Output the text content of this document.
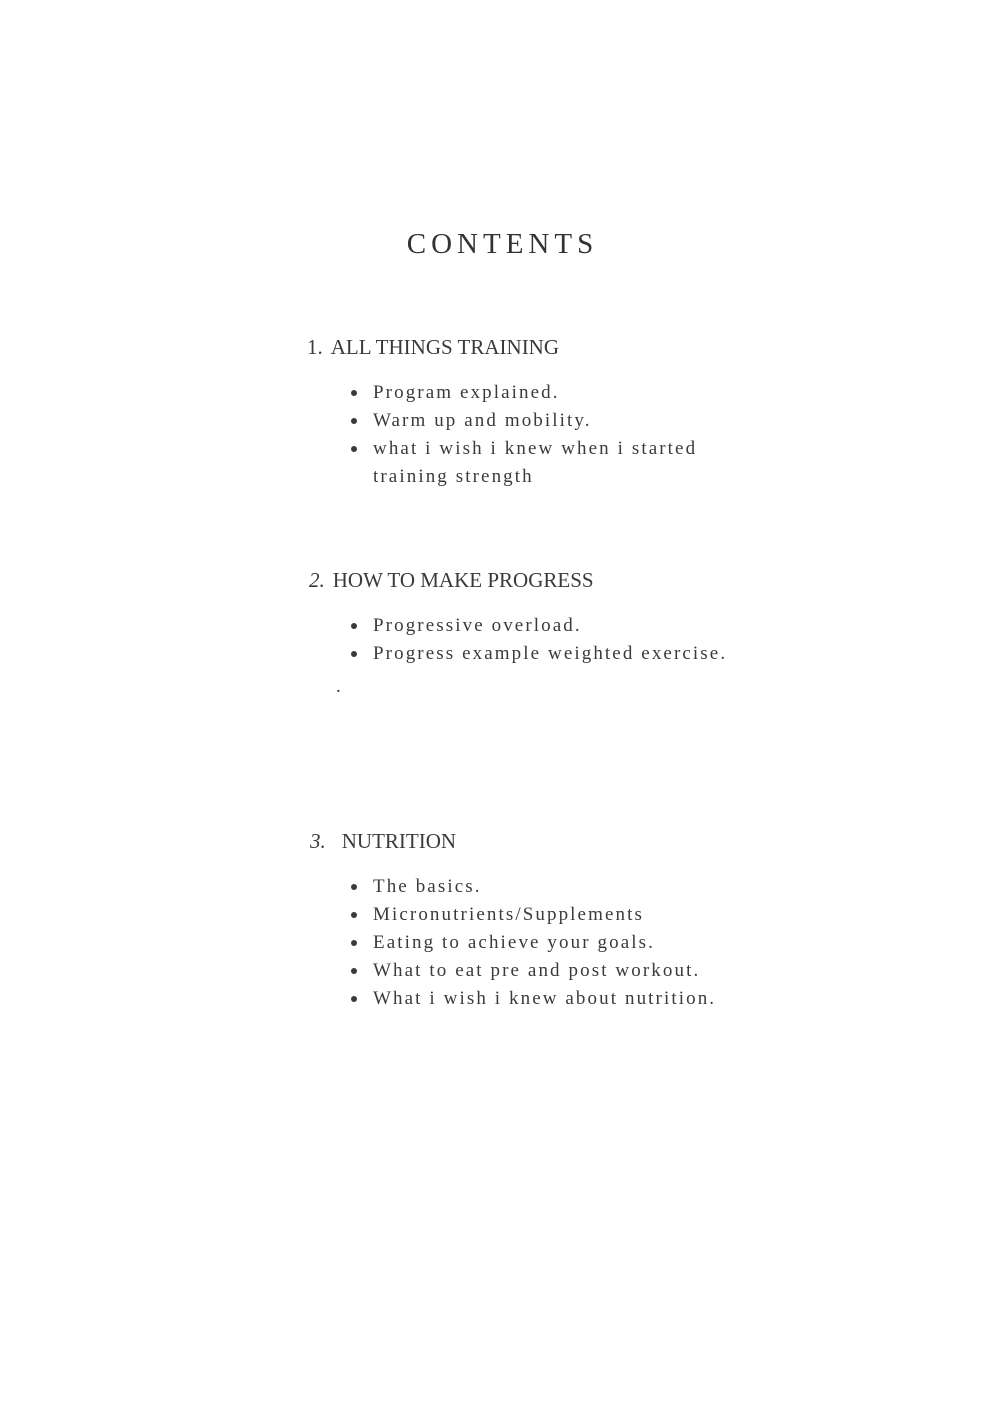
CONTENTS
1. ALL THINGS TRAINING
Program explained.
Warm up and mobility.
what i wish i knew when i started
training strength
2. HOW TO MAKE PROGRESS
Progressive overload.
Progress example weighted exercise.
.
3. NUTRITION
The basics.
Micronutrients/Supplements
Eating to achieve your goals.
What to eat pre and post workout.
What i wish i knew about nutrition.
